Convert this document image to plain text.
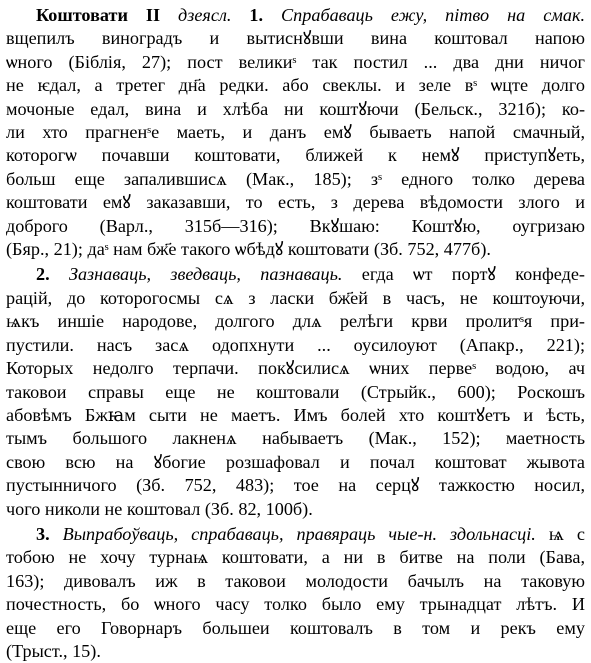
Коштовати II дзеясл. 1. Спрабаваць ежу, пітво на смак.
вщепилъ виноградъ и вытиснꙋвши вина коштовал напою
ѡного (Біблія, 27); пост великиˢ так постил ... два дни ничог
не ѥдал, а третег дн҃а редки. або свеклы. и зеле вˢ ѡцте долго
мочоные едал, вина и хлѣба ни коштꙋючи (Бельск., 321б); ко-
ли хто прагненˢе маеть, и данъ емꙋ бываеть напой смачный,
которогѡ почавши коштовати, ближей к немꙋ приступꙋеть,
больш еще запалившисѧ (Мак., 185); зˢ едного толко дерева
коштовати емꙋ заказавши, то есть, з дерева вѣдомости злого и
доброго (Варл., 315б—316); Вкꙋшаю: Коштꙋю, оугризаю
(Бяр., 21); даˢ нам бж҃е такого ѡбѣдꙋ коштовати (Зб. 752, 477б).
2. Зазнаваць, зведваць, пазнаваць. егда ѡт портꙋ конфеде-
рацій, до которогосмы сѧ з ласки бж҃ей в часъ, не коштоуючи,
ѩкъ иншіе народове, долгого длѧ релѣги крви пролитˢя при-
пустили. насъ засѧ одопхнути ... оусилоуют (Апакр., 221);
Которых недолго терпачи. покꙋсилисѧ ѡних первеˢ водою, ач
таковои справы еще не коштовали (Стрыйк., 600); Роскошъ
абовѣмъ Бжꙗм сыти не маетъ. Имъ болей хто коштꙋетъ и ѣсть,
тымъ большого лакненѧ набываетъ (Мак., 152); маетность
свою всю на ꙋбогие розшафовал и почал коштоват жывота
пустынничого (Зб. 752, 483); тое на серцꙋ тажкостю носил,
чого николи не коштовал (Зб. 82, 100б).
3. Выпрабоўваць, спрабаваць, правяраць чые-н. здольнасці. ѩ с
тобою не хочу турнаѩ коштовати, а ни в битве на поли (Бава,
163); дивовалъ иж в таковои молодости бачылъ на таковую
почестность, бо ѡного часу толко было ему трынадцат лѣтъ. И
еще его Говорнаръ большеи коштовалъ в том и рекъ ему
(Трыст., 15).
